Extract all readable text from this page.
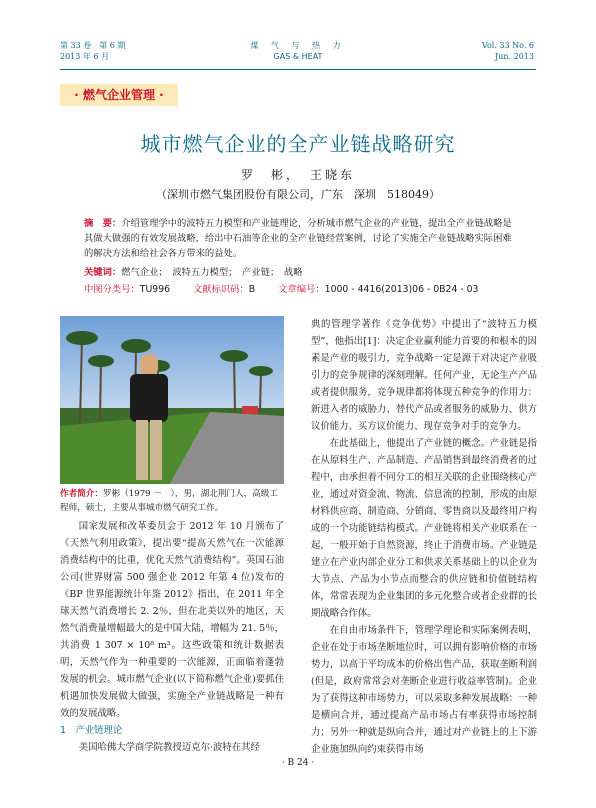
第 33 卷　第 6 期
2013 年 6 月
煤 气 与 热 力
GAS & HEAT
Vol. 33 No. 6
Jun. 2013
· 燃气企业管理 ·
城市燃气企业的全产业链战略研究
罗　彬，　王晓东
（深圳市燃气集团股份有限公司，广东　深圳　518049）
摘　要：介绍管理学中的波特五力模型和产业链理论，分析城市燃气企业的产业链，提出全产业链战略是其做大做强的有效发展战略，给出中石油等企业的全产业链经营案例，讨论了实施全产业链战略实际困难的解决方法和给社会各方带来的益处。
关键词：燃气企业；　波特五力模型；　产业链；　战略
中图分类号：TU996 文献标识码：B 文章编号：1000 - 4416(2013)06 - 0B24 - 03
作者简介：罗彬（1979 －　），男，湖北荆门人，高级工程师，硕士，主要从事城市燃气研究工作。

国家发展和改革委员会于 2012 年 10 月颁布了《天然气利用政策》，提出要“提高天然气在一次能源消费结构中的比重，优化天然气消费结构”。英国石油公司(世界财富 500 强企业 2012 年第 4 位)发布的《BP 世界能源统计年鉴 2012》指出，在 2011 年全球天然气消费增长 2. 2％，但在北美以外的地区，天然气消费量增幅最大的是中国大陆，增幅为 21. 5％，共消费 1 307 × 10⁸ m³。这些政策和统计数据表明，天然气作为一种重要的一次能源，正面临着蓬勃发展的机会。城市燃气企业(以下简称燃气企业)要抓住机遇加快发展做大做强，实施全产业链战略是一种有效的发展战略。

1　产业链理论

美国哈佛大学商学院教授迈克尔·波特在其经

典的管理学著作《竞争优势》中提出了“波特五力模型”，他指出[1]：决定企业赢利能力首要的和根本的因素是产业的吸引力，竞争战略一定是源于对决定产业吸引力的竞争规律的深刻理解。任何产业，无论生产产品或者提供服务，竞争规律都将体现五种竞争的作用力：新进入者的威胁力、替代产品或者服务的威胁力、供方议价能力、买方议价能力、现存竞争对手的竞争力。

在此基础上，他提出了产业链的概念。产业链是指在从原料生产、产品制造、产品销售到最终消费者的过程中，由承担着不同分工的相互关联的企业围绕核心产业，通过对资金流、物流、信息流的控制，形成的由原材料供应商、制造商、分销商、零售商以及最终用户构成的一个功能链结构模式。产业链将相关产业联系在一起，一般开始于自然资源，终止于消费市场。产业链是建立在产业内部企业分工和供求关系基础上的以企业为大节点、产品为小节点而整合的供应链和价值链结构体，常常表现为企业集团的多元化整合或者企业群的长期战略合作体。

在自由市场条件下，管理学理论和实际案例表明，企业在处于市场垄断地位时，可以拥有影响价格的市场势力，以高于平均成本的价格出售产品，获取垄断利润(但是，政府常常会对垄断企业进行收益率管制)。企业为了获得这种市场势力，可以采取多种发展战略：一种是横向合并，通过提高产品市场占有率获得市场控制力；另外一种就是纵向合并，通过对产业链上的上下游企业施加纵向约束获得市场

· B 24 ·
